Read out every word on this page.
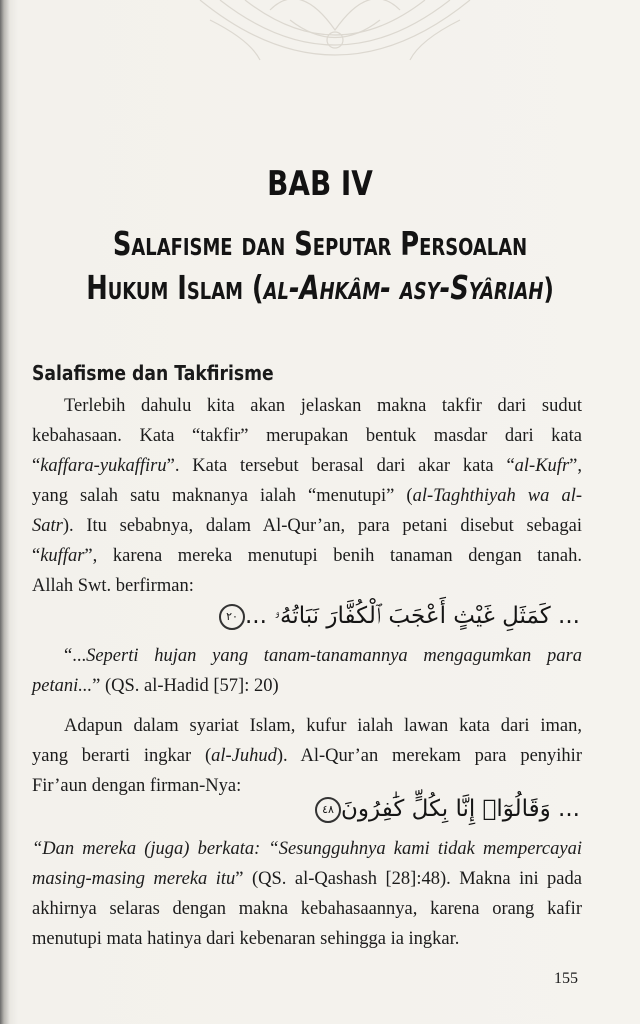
BAB IV
Salafisme dan Seputar Persoalan
Hukum Islam (al-Ahkâm- asy-Syâriah)
Salafisme dan Takfirisme
Terlebih dahulu kita akan jelaskan makna takfir dari sudut
kebahasaan. Kata “takfir” merupakan bentuk masdar dari kata
“kaffara-yukaffiru”. Kata tersebut berasal dari akar kata “al-Kufr”,
yang salah satu maknanya ialah “menutupi” (al-Taghthiyah wa al-
Satr). Itu sebabnya, dalam Al-Qur’an, para petani disebut sebagai
“kuffar”, karena mereka menutupi benih tanaman dengan tanah.
Allah Swt. berfirman:
... كَمَثَلِ غَيْثٍ أَعْجَبَ ٱلْكُفَّارَ نَبَاتُهُۥ ...٢٠
“...Seperti hujan yang tanam-tanamannya mengagumkan para
petani...” (QS. al-Hadid [57]: 20)
Adapun dalam syariat Islam, kufur ialah lawan kata dari iman,
yang berarti ingkar (al-Juhud). Al-Qur’an merekam para penyihir
Fir’aun dengan firman-Nya:
... وَقَالُوٓا۟ إِنَّا بِكُلٍّ كَٰفِرُونَ٤٨
“Dan mereka (juga) berkata: “Sesungguhnya kami tidak mempercayai
masing-masing mereka itu” (QS. al-Qashash [28]:48). Makna ini pada
akhirnya selaras dengan makna kebahasaannya, karena orang kafir
menutupi mata hatinya dari kebenaran sehingga ia ingkar.
155
